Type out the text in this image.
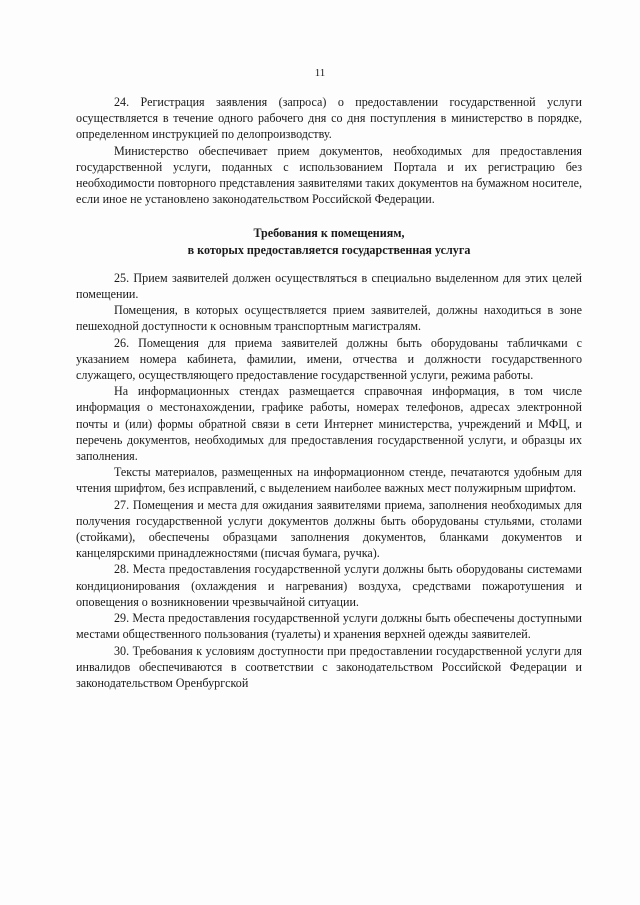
11

24. Регистрация заявления (запроса) о предоставлении государственной услуги осуществляется в течение одного рабочего дня со дня поступления в министерство в порядке, определенном инструкцией по делопроизводству.

Министерство обеспечивает прием документов, необходимых для предоставления государственной услуги, поданных с использованием Портала и их регистрацию без необходимости повторного представления заявителями таких документов на бумажном носителе, если иное не установлено законодательством Российской Федерации.

Требования к помещениям,
в которых предоставляется государственная услуга

25. Прием заявителей должен осуществляться в специально выделенном для этих целей помещении.

Помещения, в которых осуществляется прием заявителей, должны находиться в зоне пешеходной доступности к основным транспортным магистралям.

26. Помещения для приема заявителей должны быть оборудованы табличками с указанием номера кабинета, фамилии, имени, отчества и должности государственного служащего, осуществляющего предоставление государственной услуги, режима работы.

На информационных стендах размещается справочная информация, в том числе информация о местонахождении, графике работы, номерах телефонов, адресах электронной почты и (или) формы обратной связи в сети Интернет министерства, учреждений и МФЦ, и перечень документов, необходимых для предоставления государственной услуги, и образцы их заполнения.

Тексты материалов, размещенных на информационном стенде, печатаются удобным для чтения шрифтом, без исправлений, с выделением наиболее важных мест полужирным шрифтом.

27. Помещения и места для ожидания заявителями приема, заполнения необходимых для получения государственной услуги документов должны быть оборудованы стульями, столами (стойками), обеспечены образцами заполнения документов, бланками документов и канцелярскими принадлежностями (писчая бумага, ручка).

28. Места предоставления государственной услуги должны быть оборудованы системами кондиционирования (охлаждения и нагревания) воздуха, средствами пожаротушения и оповещения о возникновении чрезвычайной ситуации.

29. Места предоставления государственной услуги должны быть обеспечены доступными местами общественного пользования (туалеты) и хранения верхней одежды заявителей.

30. Требования к условиям доступности при предоставлении государственной услуги для инвалидов обеспечиваются в соответствии с законодательством Российской Федерации и законодательством Оренбургской
